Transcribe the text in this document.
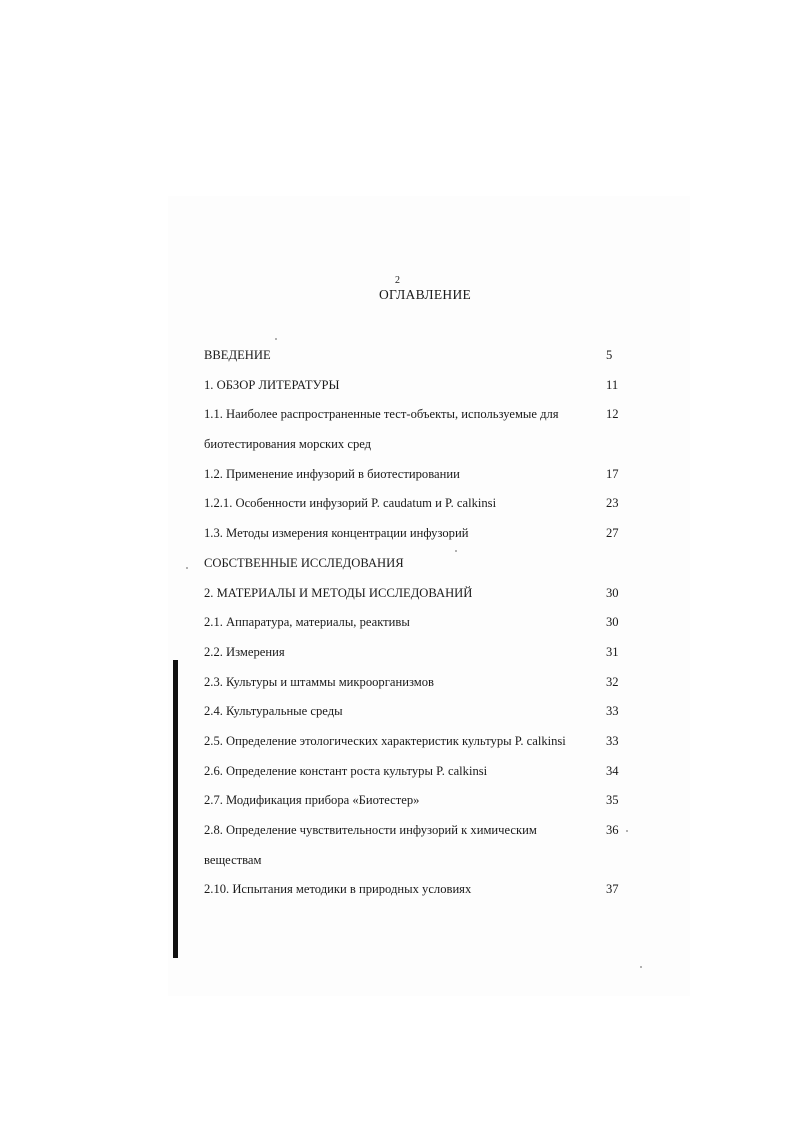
2
ОГЛАВЛЕНИЕ
ВВЕДЕНИЕ	5
1. ОБЗОР ЛИТЕРАТУРЫ	11
1.1. Наиболее распространенные тест-объекты, используемые для	12
биотестирования морских сред
1.2. Применение инфузорий в биотестировании	17
1.2.1. Особенности инфузорий P. caudatum и P. calkinsi	23
1.3. Методы измерения концентрации инфузорий	27
СОБСТВЕННЫЕ ИССЛЕДОВАНИЯ
2. МАТЕРИАЛЫ И МЕТОДЫ ИССЛЕДОВАНИЙ	30
2.1. Аппаратура, материалы, реактивы	30
2.2. Измерения	31
2.3. Культуры и штаммы микроорганизмов	32
2.4. Культуральные среды	33
2.5. Определение этологических характеристик культуры P. calkinsi	33
2.6. Определение констант роста культуры P. calkinsi	34
2.7. Модификация прибора «Биотестер»	35
2.8. Определение чувствительности инфузорий к химическим	36
веществам
2.10. Испытания методики в природных условиях	37
